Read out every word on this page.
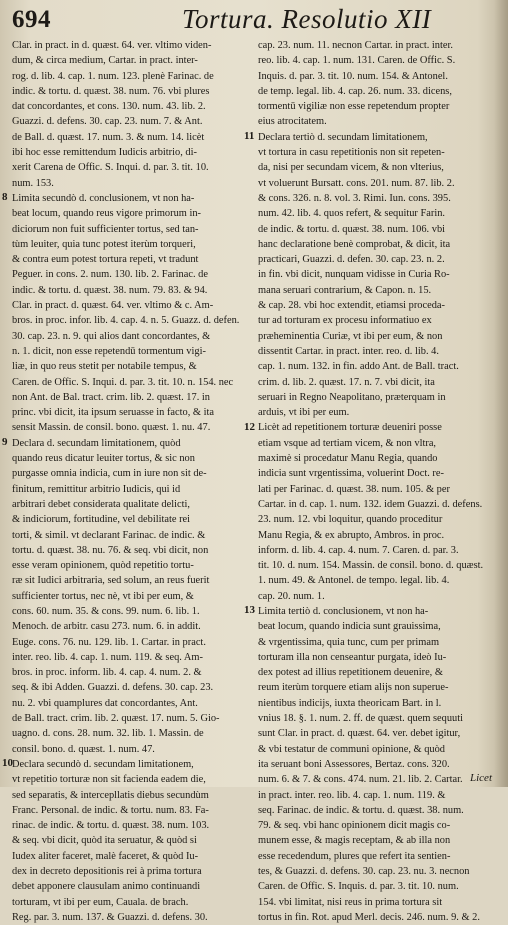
694	Tortura. Resolutio XII
Clar. in pract. in d. quæst. 64. ver. vltimo viden-
dum, & circa medium, Cartar. in pract. inter-
rog. d. lib. 4. cap. 1. num. 123. plenè Farinac. de
indic. & tortu. d. quæst. 38. num. 76. vbi plures
dat concordantes, et cons. 130. num. 43. lib. 2.
Guazzi. d. defens. 30. cap. 23. num. 7. & Ant.
de Ball. d. quæst. 17. num. 3. & num. 14. licèt
ibi hoc esse remittendum Iudicis arbitrio, di-
xerit Carena de Offic. S. Inqui. d. par. 3. tit. 10.
num. 153.
Limita secundò d. conclusionem, vt non ha-
beat locum, quando reus vigore primorum in-
diciorum non fuit sufficienter tortus, sed tan-
tùm leuiter, quia tunc potest iterùm torqueri,
& contra eum potest tortura repeti, vt tradunt
Peguer. in cons. 2. num. 130. lib. 2. Farinac. de
indic. & tortu. d. quæst. 38. num. 79. 83. & 94.
Clar. in pract. d. quæst. 64. ver. vltimo & c. Am-
bros. in proc. infor. lib. 4. cap. 4. n. 5. Guazz. d. defen.
30. cap. 23. n. 9. qui alios dant concordantes, &
n. 1. dicit, non esse repetendū tormentum vigi-
liæ, in quo reus stetit per notabile tempus, &
Caren. de Offic. S. Inqui. d. par. 3. tit. 10. n. 154. nec
non Ant. de Bal. tract. crim. lib. 2. quæst. 17. in
princ. vbi dicit, ita ipsum seruasse in facto, & ita
sensit Massin. de consil. bono. quæst. 1. nu. 47.
Declara d. secundam limitationem, quòd
quando reus dicatur leuiter tortus, & sic non
purgasse omnia indicia, cum in iure non sit de-
finitum, remittitur arbitrio Iudicis, qui id
arbitrari debet considerata qualitate delicti,
& indiciorum, fortitudine, vel debilitate rei
torti, & simil. vt declarant Farinac. de indic. &
tortu. d. quæst. 38. nu. 76. & seq. vbi dicit, non
esse veram opinionem, quòd repetitio tortu-
ræ sit Iudici arbitraria, sed solum, an reus fuerit
sufficienter tortus, nec nè, vt ibi per eum, &
cons. 60. num. 35. & cons. 99. num. 6. lib. 1.
Menoch. de arbitr. casu 273. num. 6. in addit.
Euge. cons. 76. nu. 129. lib. 1. Cartar. in pract.
inter. reo. lib. 4. cap. 1. num. 119. & seq. Am-
bros. in proc. inform. lib. 4. cap. 4. num. 2. &
seq. & ibi Adden. Guazzi. d. defens. 30. cap. 23.
nu. 2. vbi quamplures dat concordantes, Ant.
de Ball. tract. crim. lib. 2. quæst. 17. num. 5. Gio-
uagno. d. cons. 28. num. 32. lib. 1. Massin. de
consil. bono. d. quæst. 1. num. 47.
Declara secundò d. secundam limitationem,
vt repetitio torturæ non sit facienda eadem die,
sed separatis, & intercepllatis diebus secundùm
Franc. Personal. de indic. & tortu. num. 83. Fa-
rinac. de indic. & tortu. d. quæst. 38. num. 103.
& seq. vbi dicit, quòd ita seruatur, & quòd si
Iudex aliter faceret, malè faceret, & quòd Iu-
dex in decreto depositionis rei à prima tortura
debet apponere clausulam animo continuandi
torturam, vt ibi per eum, Cauala. de brach.
Reg. par. 3. num. 137. & Guazzi. d. defens. 30.
cap. 23. num. 11. necnon Cartar. in pract. inter.
reo. lib. 4. cap. 1. num. 131. Caren. de Offic. S.
Inquis. d. par. 3. tit. 10. num. 154. & Antonel.
de temp. legal. lib. 4. cap. 26. num. 33. dicens,
tormentū vigiliæ non esse repetendum propter
eius atrocitatem.
Declara tertiò d. secundam limitationem,
vt tortura in casu repetitionis non sit repeten-
da, nisi per secundam vicem, & non vlterius,
vt voluerunt Bursatt. cons. 201. num. 87. lib. 2.
& cons. 326. n. 8. vol. 3. Rimi. Iun. cons. 395.
num. 42. lib. 4. quos refert, & sequitur Farin.
de indic. & tortu. d. quæst. 38. num. 106. vbi
hanc declaratione benè comprobat, & dicit, ita
practicari, Guazzi. d. defen. 30. cap. 23. n. 2.
in fin. vbi dicit, nunquam vidisse in Curia Ro-
mana seruari contrarium, & Capon. n. 15.
& cap. 28. vbi hoc extendit, etiamsi proceda-
tur ad torturam ex procesu informatiuo ex
præheminentia Curiæ, vt ibi per eum, & non
dissentit Cartar. in pract. inter. reo. d. lib. 4.
cap. 1. num. 132. in fin. addo Ant. de Ball. tract.
crim. d. lib. 2. quæst. 17. n. 7. vbi dicit, ita
seruari in Regno Neapolitano, præterquam in
arduis, vt ibi per eum.
Licèt ad repetitionem torturæ deueniri posse
etiam vsque ad tertiam vicem, & non vltra,
maximè si procedatur Manu Regia, quando
indicia sunt vrgentissima, voluerint Doct. re-
lati per Farinac. d. quæst. 38. num. 105. & per
Cartar. in d. cap. 1. num. 132. idem Guazzi. d. defens.
23. num. 12. vbi loquitur, quando proceditur
Manu Regia, & ex abrupto, Ambros. in proc.
inform. d. lib. 4. cap. 4. num. 7. Caren. d. par. 3.
tit. 10. d. num. 154. Massin. de consil. bono. d. quæst.
1. num. 49. & Antonel. de tempo. legal. lib. 4.
cap. 20. num. 1.
Limita tertiò d. conclusionem, vt non ha-
beat locum, quando indicia sunt grauissima,
& vrgentissima, quia tunc, cum per primam
torturam illa non censeantur purgata, ideò Iu-
dex potest ad illius repetitionem deuenire, &
reum iterùm torquere etiam alijs non superue-
nientibus indicijs, iuxta theoricam Bart. in l.
vnius 18. §. 1. num. 2. ff. de quæst. quem sequuti
sunt Clar. in pract. d. quæst. 64. ver. debet igitur,
& vbi testatur de communi opinione, & quòd
ita seruant boni Assessores, Bertaz. cons. 320.
num. 6. & 7. & cons. 474. num. 21. lib. 2. Cartar.
in pract. inter. reo. lib. 4. cap. 1. num. 119. &
seq. Farinac. de indic. & tortu. d. quæst. 38. num.
79. & seq. vbi hanc opinionem dicit magis co-
munem esse, & magis receptam, & ab illa non
esse recedendum, plures que refert ita sentien-
tes, & Guazzi. d. defens. 30. cap. 23. nu. 3. necnon
Caren. de Offic. S. Inquis. d. par. 3. tit. 10. num.
154. vbi limitat, nisi reus in prima tortura sit
tortus in fin. Rot. apud Merl. decis. 246. num. 9. & 2.
8
9
10
11
12
13
Licet
